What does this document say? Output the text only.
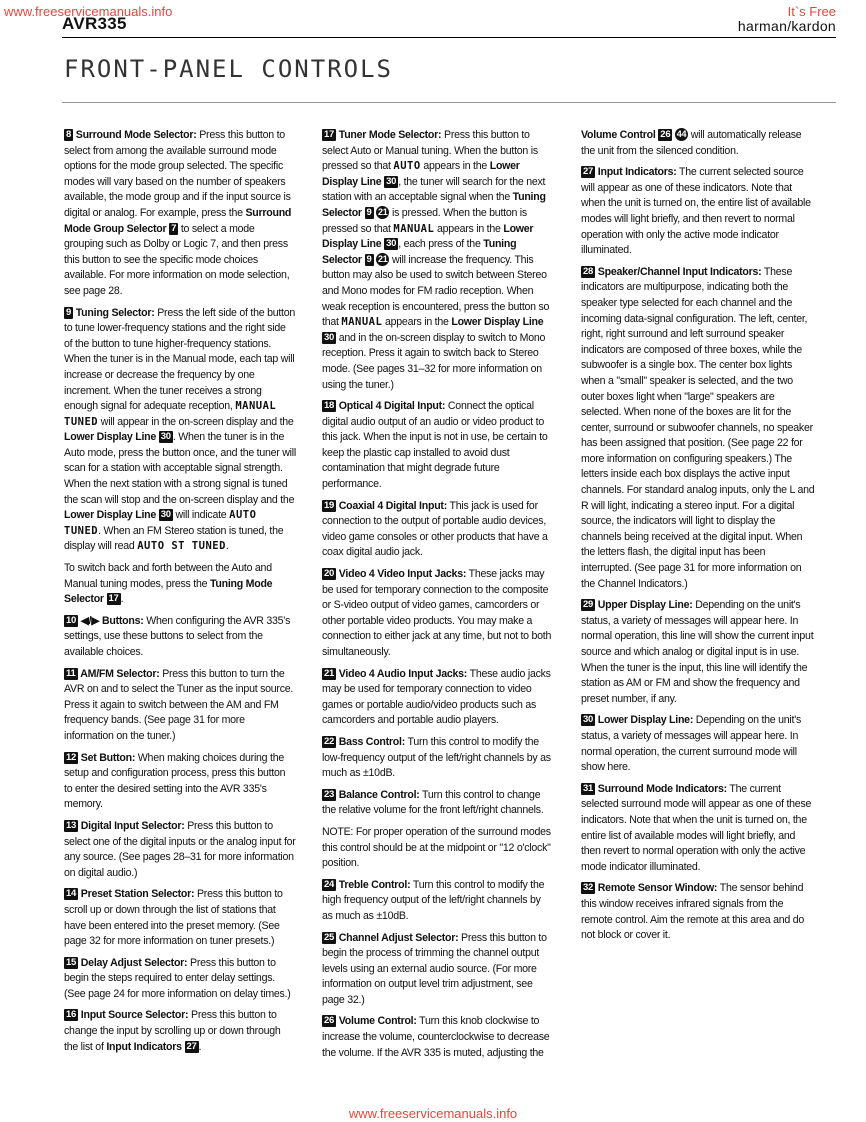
www.freeservicemanuals.info	It`s Free
AVR335	harman/kardon
FRONT-PANEL CONTROLS

8 Surround Mode Selector: Press this button to select from among the available surround mode options for the mode group selected. The specific modes will vary based on the number of speakers available, the mode group and if the input source is digital or analog. For example, press the Surround Mode Group Selector 7 to select a mode grouping such as Dolby or Logic 7, and then press this button to see the specific mode choices available. For more information on mode selection, see page 28.

9 Tuning Selector: Press the left side of the button to tune lower-frequency stations and the right side of the button to tune higher-frequency stations. When the tuner is in the Manual mode, each tap will increase or decrease the frequency by one increment. When the tuner receives a strong enough signal for adequate reception, MANUAL TUNED will appear in the on-screen display and the Lower Display Line 30 . When the tuner is in the Auto mode, press the button once, and the tuner will scan for a station with acceptable signal strength. When the next station with a strong signal is tuned the scan will stop and the on-screen display and the Lower Display Line 30 will indicate AUTO TUNED. When an FM Stereo station is tuned, the display will read AUTO ST TUNED.

To switch back and forth between the Auto and Manual tuning modes, press the Tuning Mode Selector 17 .

10 ◀/▶ Buttons: When configuring the AVR 335's settings, use these buttons to select from the available choices.

11 AM/FM Selector: Press this button to turn the AVR on and to select the Tuner as the input source. Press it again to switch between the AM and FM frequency bands. (See page 31 for more information on the tuner.)

12 Set Button: When making choices during the setup and configuration process, press this button to enter the desired setting into the AVR 335's memory.

13 Digital Input Selector: Press this button to select one of the digital inputs or the analog input for any source. (See pages 28–31 for more information on digital audio.)

14 Preset Station Selector: Press this button to scroll up or down through the list of stations that have been entered into the preset memory. (See page 32 for more information on tuner presets.)

15 Delay Adjust Selector: Press this button to begin the steps required to enter delay settings. (See page 24 for more information on delay times.)

16 Input Source Selector: Press this button to change the input by scrolling up or down through the list of Input Indicators 27 .

17 Tuner Mode Selector: Press this button to select Auto or Manual tuning. When the button is pressed so that AUTO appears in the Lower Display Line 30 , the tuner will search for the next station with an acceptable signal when the Tuning Selector 9 21 is pressed. When the button is pressed so that MANUAL appears in the Lower Display Line 30 , each press of the Tuning Selector 9 21 will increase the frequency. This button may also be used to switch between Stereo and Mono modes for FM radio reception. When weak reception is encountered, press the button so that MANUAL appears in the Lower Display Line 30 and in the on-screen display to switch to Mono reception. Press it again to switch back to Stereo mode. (See pages 31–32 for more information on using the tuner.)

18 Optical 4 Digital Input: Connect the optical digital audio output of an audio or video product to this jack. When the input is not in use, be certain to keep the plastic cap installed to avoid dust contamination that might degrade future performance.

19 Coaxial 4 Digital Input: This jack is used for connection to the output of portable audio devices, video game consoles or other products that have a coax digital audio jack.

20 Video 4 Video Input Jacks: These jacks may be used for temporary connection to the composite or S-video output of video games, camcorders or other portable video products. You may make a connection to either jack at any time, but not to both simultaneously.

21 Video 4 Audio Input Jacks: These audio jacks may be used for temporary connection to video games or portable audio/video products such as camcorders and portable audio players.

22 Bass Control: Turn this control to modify the low-frequency output of the left/right channels by as much as ±10dB.

23 Balance Control: Turn this control to change the relative volume for the front left/right channels.

NOTE: For proper operation of the surround modes this control should be at the midpoint or "12 o'clock" position.

24 Treble Control: Turn this control to modify the high frequency output of the left/right channels by as much as ±10dB.

25 Channel Adjust Selector: Press this button to begin the process of trimming the channel output levels using an external audio source. (For more information on output level trim adjustment, see page 32.)

26 Volume Control: Turn this knob clockwise to increase the volume, counterclockwise to decrease the volume. If the AVR 335 is muted, adjusting the

Volume Control 26 44 will automatically release the unit from the silenced condition.

27 Input Indicators: The current selected source will appear as one of these indicators. Note that when the unit is turned on, the entire list of available modes will light briefly, and then revert to normal operation with only the active mode indicator illuminated.

28 Speaker/Channel Input Indicators: These indicators are multipurpose, indicating both the speaker type selected for each channel and the incoming data-signal configuration. The left, center, right, right surround and left surround speaker indicators are composed of three boxes, while the subwoofer is a single box. The center box lights when a "small" speaker is selected, and the two outer boxes light when "large" speakers are selected. When none of the boxes are lit for the center, surround or subwoofer channels, no speaker has been assigned that position. (See page 22 for more information on configuring speakers.) The letters inside each box displays the active input channels. For standard analog inputs, only the L and R will light, indicating a stereo input. For a digital source, the indicators will light to display the channels being received at the digital input. When the letters flash, the digital input has been interrupted. (See page 31 for more information on the Channel Indicators.)

29 Upper Display Line: Depending on the unit's status, a variety of messages will appear here. In normal operation, this line will show the current input source and which analog or digital input is in use. When the tuner is the input, this line will identify the station as AM or FM and show the frequency and preset number, if any.

30 Lower Display Line: Depending on the unit's status, a variety of messages will appear here. In normal operation, the current surround mode will show here.

31 Surround Mode Indicators: The current selected surround mode will appear as one of these indicators. Note that when the unit is turned on, the entire list of available modes will light briefly, and then revert to normal operation with only the active mode indicator illuminated.

32 Remote Sensor Window: The sensor behind this window receives infrared signals from the remote control. Aim the remote at this area and do not block or cover it.

www.freeservicemanuals.info
